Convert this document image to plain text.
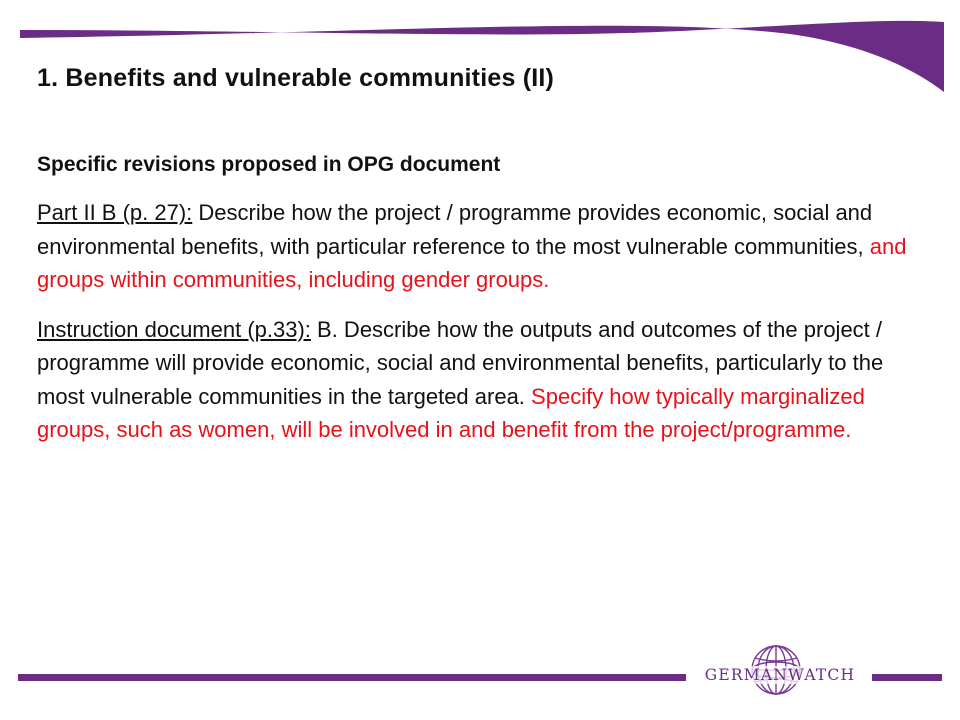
1. Benefits and vulnerable communities (II)

Specific revisions proposed in OPG document

Part II B (p. 27): Describe how the project / programme provides economic, social and environmental benefits, with particular reference to the most vulnerable communities, and groups within communities, including gender groups.

Instruction document (p.33): B. Describe how the outputs and outcomes of the project / programme will provide economic, social and environmental benefits, particularly to the most vulnerable communities in the targeted area. Specify how typically marginalized groups, such as women, will be involved in and benefit from the project/programme.

GERMANWATCH
